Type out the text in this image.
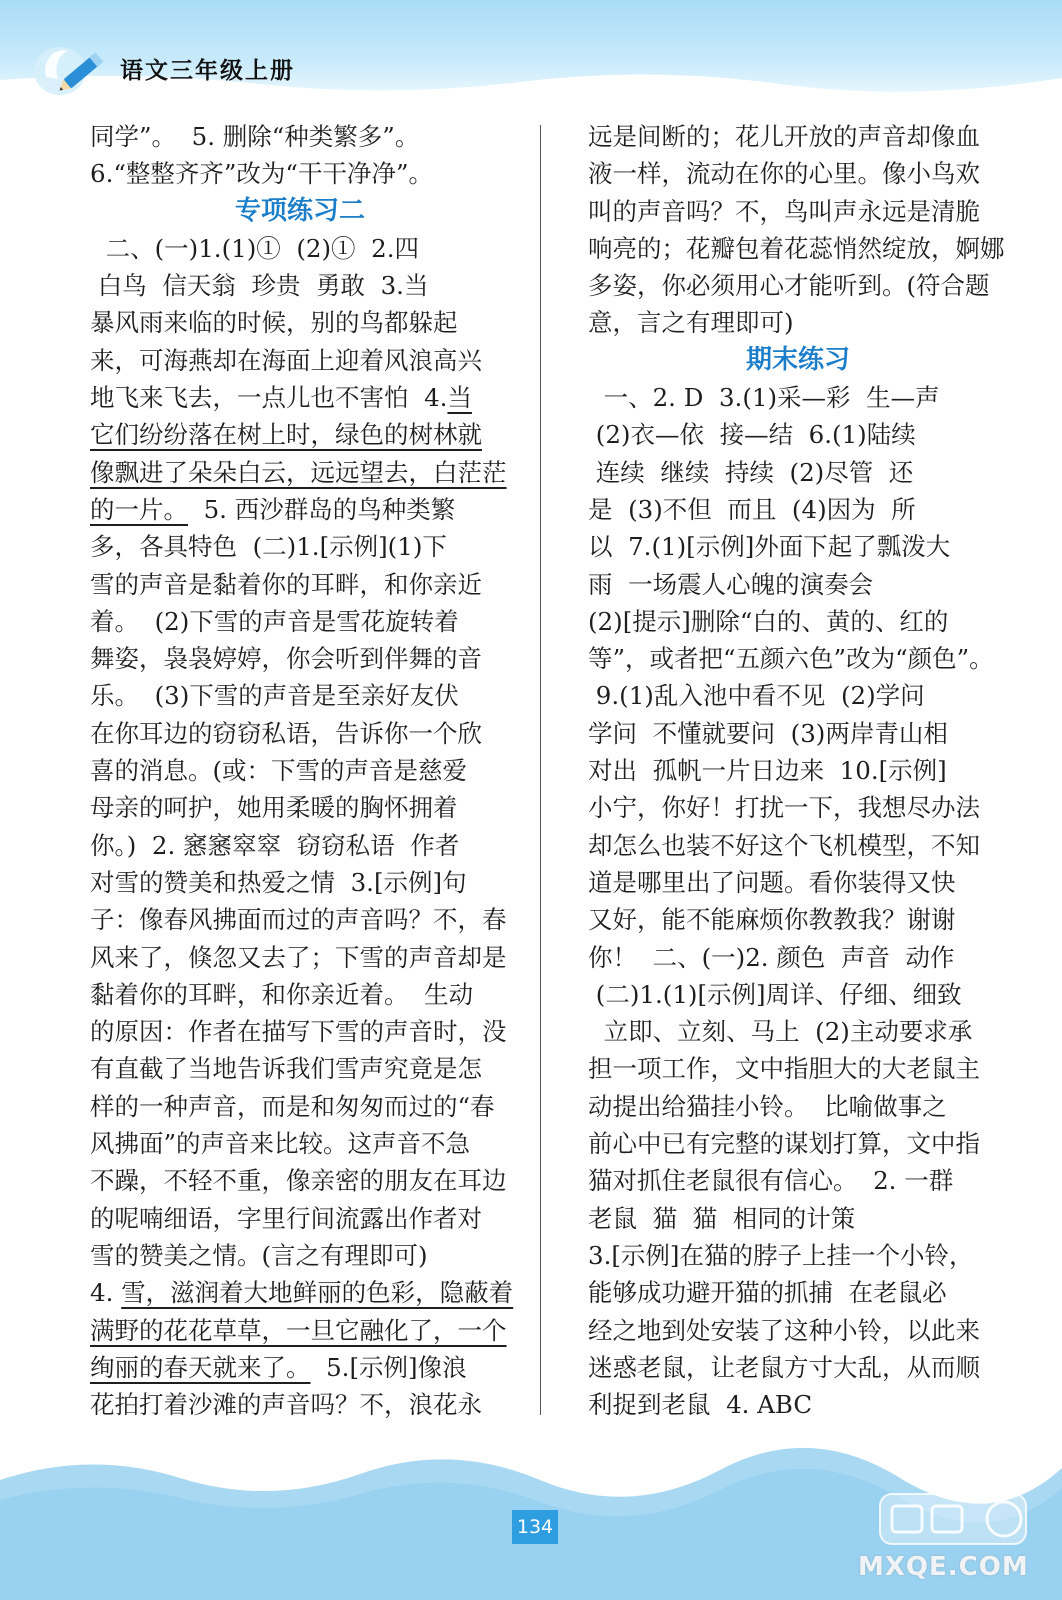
语文三年级上册
同学”。  5. 删除“种类繁多”。
6.“整整齐齐”改为“干干净净”。
专项练习二
二、(一)1.(1)①  (2)①  2.四
白鸟  信天翁  珍贵  勇敢  3.当
暴风雨来临的时候，别的鸟都躲起
来，可海燕却在海面上迎着风浪高兴
地飞来飞去，一点儿也不害怕  4.当
它们纷纷落在树上时，绿色的树林就
像飘进了朵朵白云，远远望去，白茫茫
的一片。  5. 西沙群岛的鸟种类繁
多，各具特色  (二)1.[示例](1)下
雪的声音是黏着你的耳畔，和你亲近
着。  (2)下雪的声音是雪花旋转着
舞姿，袅袅婷婷，你会听到伴舞的音
乐。  (3)下雪的声音是至亲好友伏
在你耳边的窃窃私语，告诉你一个欣
喜的消息。(或：下雪的声音是慈爱
母亲的呵护，她用柔暖的胸怀拥着
你。)  2. 窸窸窣窣  窃窃私语  作者
对雪的赞美和热爱之情  3.[示例]句
子：像春风拂面而过的声音吗？不，春
风来了，倏忽又去了；下雪的声音却是
黏着你的耳畔，和你亲近着。  生动
的原因：作者在描写下雪的声音时，没
有直截了当地告诉我们雪声究竟是怎
样的一种声音，而是和匆匆而过的“春
风拂面”的声音来比较。这声音不急
不躁，不轻不重，像亲密的朋友在耳边
的呢喃细语，字里行间流露出作者对
雪的赞美之情。(言之有理即可)
4. 雪，滋润着大地鲜丽的色彩，隐蔽着
满野的花花草草，一旦它融化了，一个
绚丽的春天就来了。  5.[示例]像浪
花拍打着沙滩的声音吗？不，浪花永
远是间断的；花儿开放的声音却像血
液一样，流动在你的心里。像小鸟欢
叫的声音吗？不，鸟叫声永远是清脆
响亮的；花瓣包着花蕊悄然绽放，婀娜
多姿，你必须用心才能听到。(符合题
意，言之有理即可)
期末练习
一、2. D  3.(1)采—彩  生—声
(2)衣—依  接—结  6.(1)陆续
连续  继续  持续  (2)尽管  还
是  (3)不但  而且  (4)因为  所
以  7.(1)[示例]外面下起了瓢泼大
雨  一场震人心魄的演奏会
(2)[提示]删除“白的、黄的、红的
等”，或者把“五颜六色”改为“颜色”。
9.(1)乱入池中看不见  (2)学问
学问  不懂就要问  (3)两岸青山相
对出  孤帆一片日边来  10.[示例]
小宁，你好！打扰一下，我想尽办法
却怎么也装不好这个飞机模型，不知
道是哪里出了问题。看你装得又快
又好，能不能麻烦你教教我？谢谢
你！  二、(一)2. 颜色  声音  动作
(二)1.(1)[示例]周详、仔细、细致
立即、立刻、马上  (2)主动要求承
担一项工作，文中指胆大的大老鼠主
动提出给猫挂小铃。  比喻做事之
前心中已有完整的谋划打算，文中指
猫对抓住老鼠很有信心。  2. 一群
老鼠  猫  猫  相同的计策
3.[示例]在猫的脖子上挂一个小铃，
能够成功避开猫的抓捕  在老鼠必
经之地到处安装了这种小铃，以此来
迷惑老鼠，让老鼠方寸大乱，从而顺
利捉到老鼠  4. ABC
134
MXQE.COM
